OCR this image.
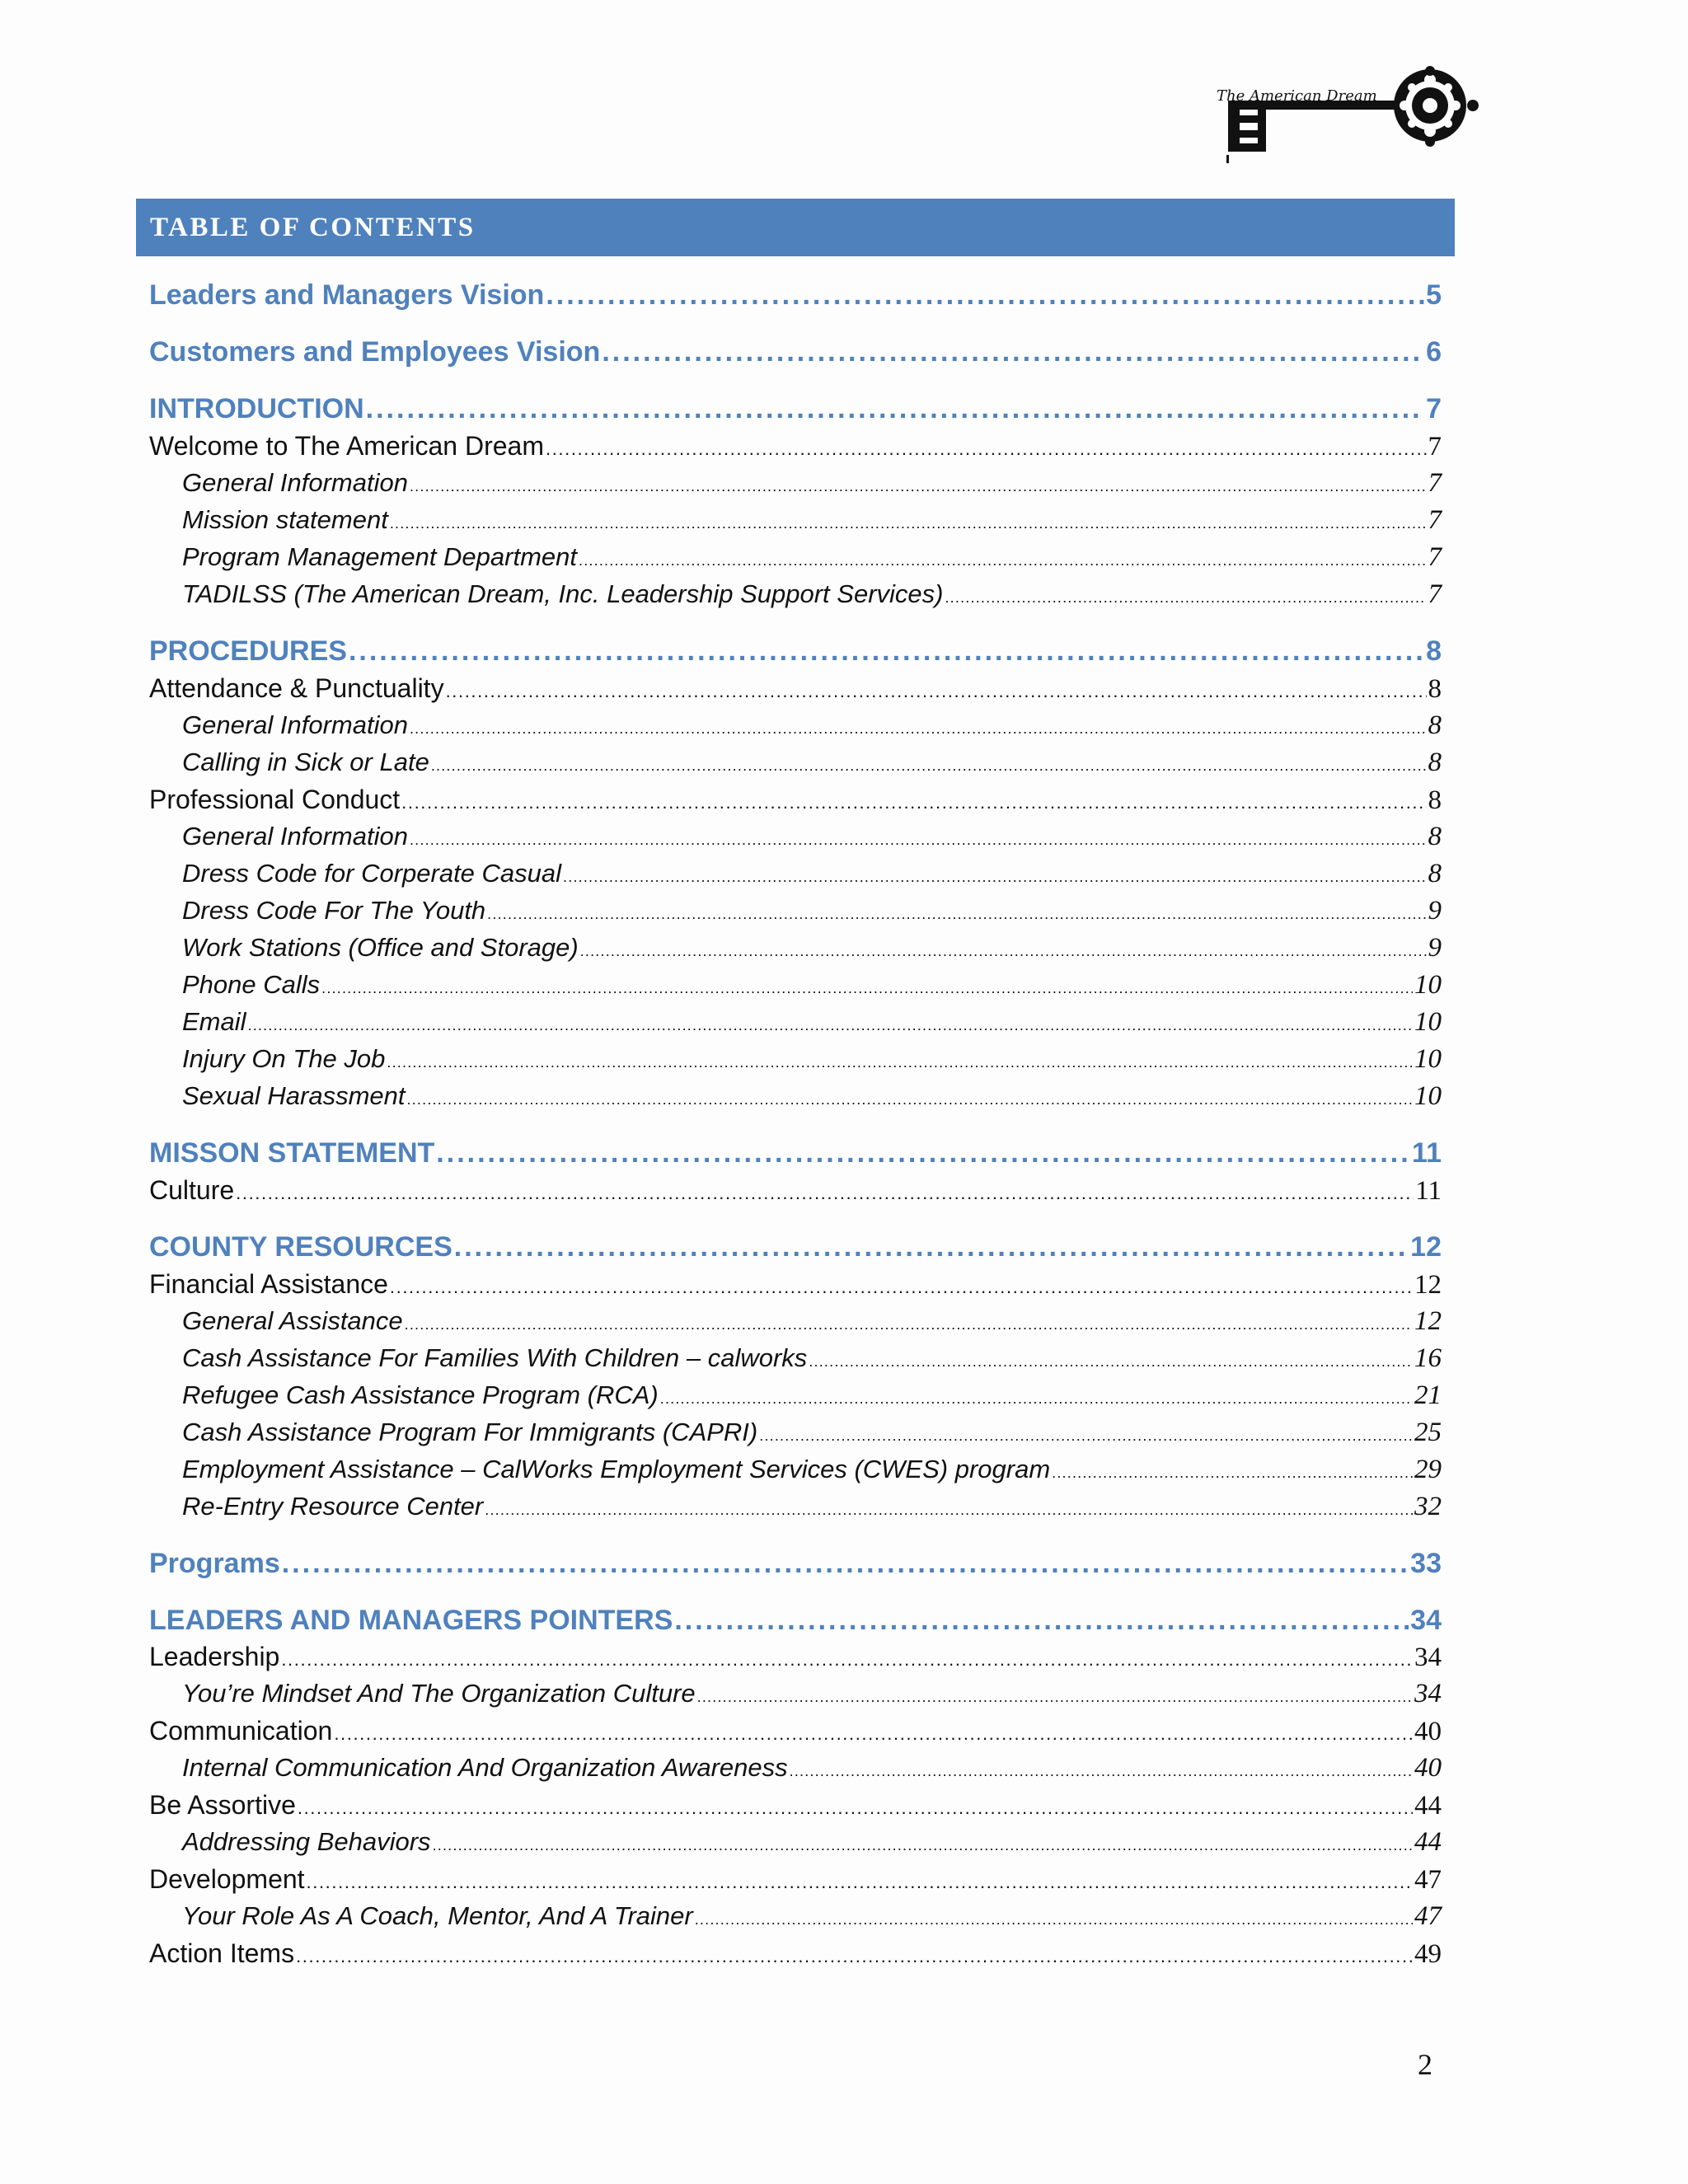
The American Dream
TABLE OF CONTENTS
Leaders and Managers Vision .....	5
Customers and Employees Vision .....	6
INTRODUCTION .....	7
Welcome to The American Dream .....	7
General Information .....	7
Mission statement .....	7
Program Management Department .....	7
TADILSS (The American Dream, Inc. Leadership Support Services) .....	7
PROCEDURES .....	8
Attendance & Punctuality .....	8
General Information .....	8
Calling in Sick or Late .....	8
Professional Conduct .....	8
General Information .....	8
Dress Code for Corperate Casual .....	8
Dress Code For The Youth .....	9
Work Stations (Office and Storage) .....	9
Phone Calls .....	10
Email .....	10
Injury On The Job .....	10
Sexual Harassment .....	10
MISSON STATEMENT .....	11
Culture .....	11
COUNTY RESOURCES .....	12
Financial Assistance .....	12
General Assistance .....	12
Cash Assistance For Families With Children – calworks .....	16
Refugee Cash Assistance Program (RCA) .....	21
Cash Assistance Program For Immigrants (CAPRI) .....	25
Employment Assistance – CalWorks Employment Services (CWES) program .....	29
Re-Entry Resource Center .....	32
Programs .....	33
LEADERS AND MANAGERS POINTERS .....	34
Leadership .....	34
You’re Mindset And The Organization Culture .....	34
Communication .....	40
Internal Communication And Organization Awareness .....	40
Be Assortive .....	44
Addressing Behaviors .....	44
Development .....	47
Your Role As A Coach, Mentor, And A Trainer .....	47
Action Items .....	49
2
